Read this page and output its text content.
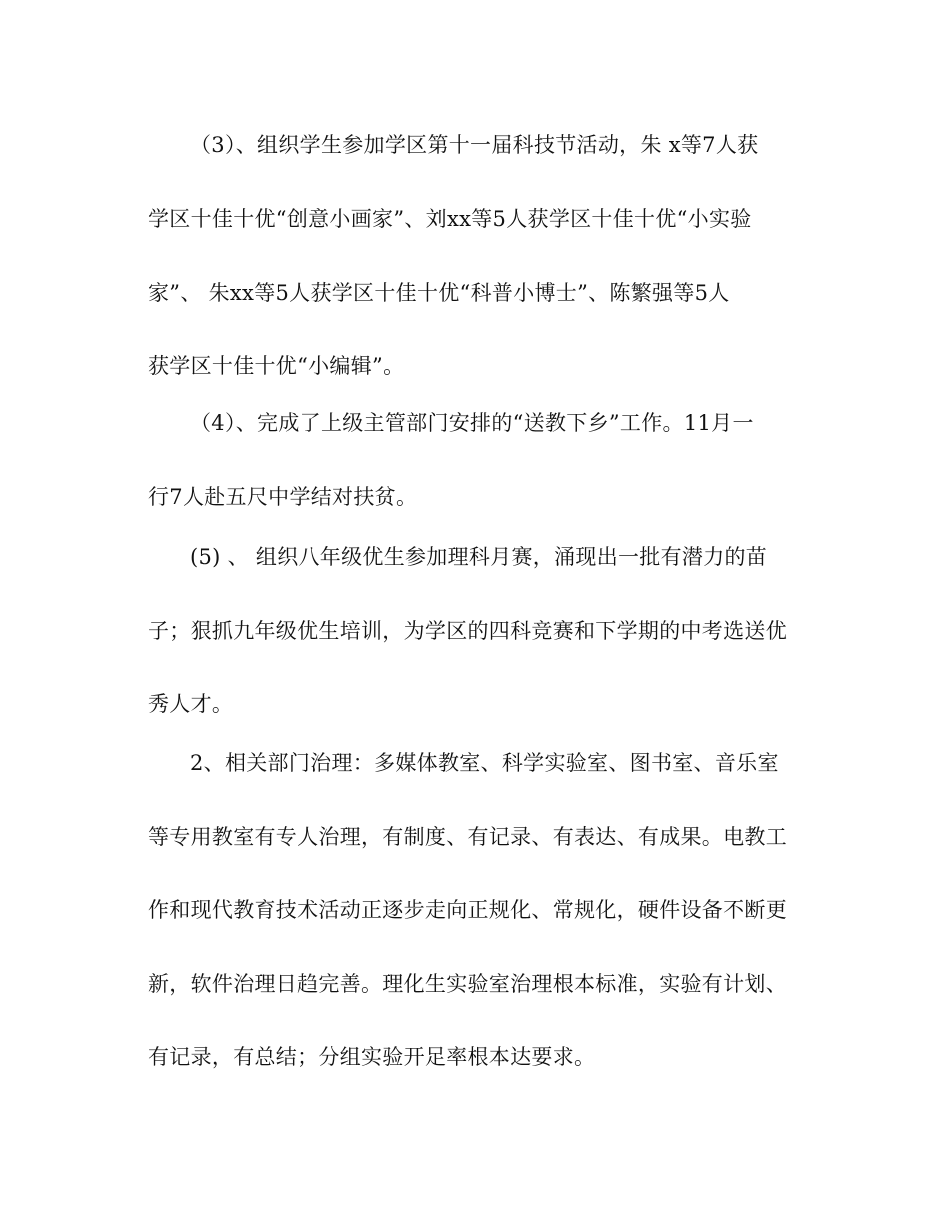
（3）、组织学生参加学区第十一届科技节活动，朱 x等7人获
学区十佳十优“创意小画家”、刘xx等5人获学区十佳十优“小实验
家”、 朱xx等5人获学区十佳十优“科普小博士”、陈繁强等5人
获学区十佳十优“小编辑”。
（4）、完成了上级主管部门安排的“送教下乡”工作。11月一
行7人赴五尺中学结对扶贫。
(5) 、 组织八年级优生参加理科月赛，涌现出一批有潜力的苗
子；狠抓九年级优生培训，为学区的四科竞赛和下学期的中考选送优
秀人才。
2、相关部门治理：多媒体教室、科学实验室、图书室、音乐室
等专用教室有专人治理，有制度、有记录、有表达、有成果。电教工
作和现代教育技术活动正逐步走向正规化、常规化，硬件设备不断更
新，软件治理日趋完善。理化生实验室治理根本标准，实验有计划、
有记录，有总结；分组实验开足率根本达要求。
